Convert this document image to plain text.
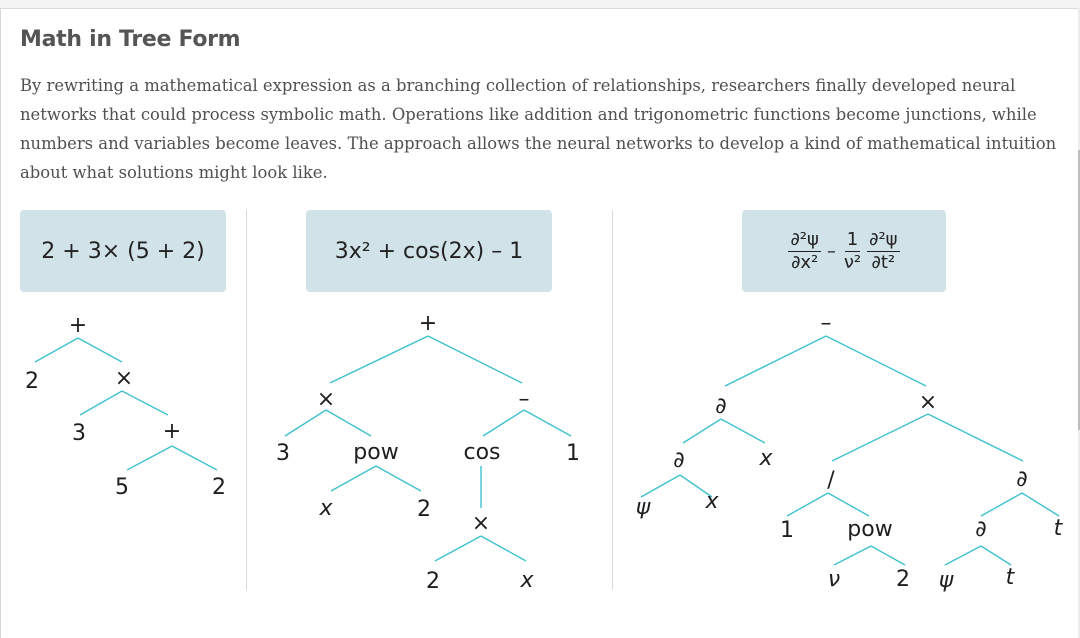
Math in Tree Form

By rewriting a mathematical expression as a branching collection of relationships, researchers finally developed neural networks that could process symbolic math. Operations like addition and trigonometric functions become junctions, while numbers and variables become leaves. The approach allows the neural networks to develop a kind of mathematical intuition about what solutions might look like.

2 + 3× (5 + 2)	3x² + cos(2x) – 1	$\frac{\text{∂²ψ}}{\text{∂x²}} - \frac{1}{\text{ν²}} \frac{\text{∂²ψ}}{\text{∂t²}}$
+
2	×
3	+
5	2
+
×	–
3	pow	cos	1
x	2
×
2	x
–
∂	×
∂	x
ψ	x
/	∂
1 pow	∂	t
ν	2 ψ t
